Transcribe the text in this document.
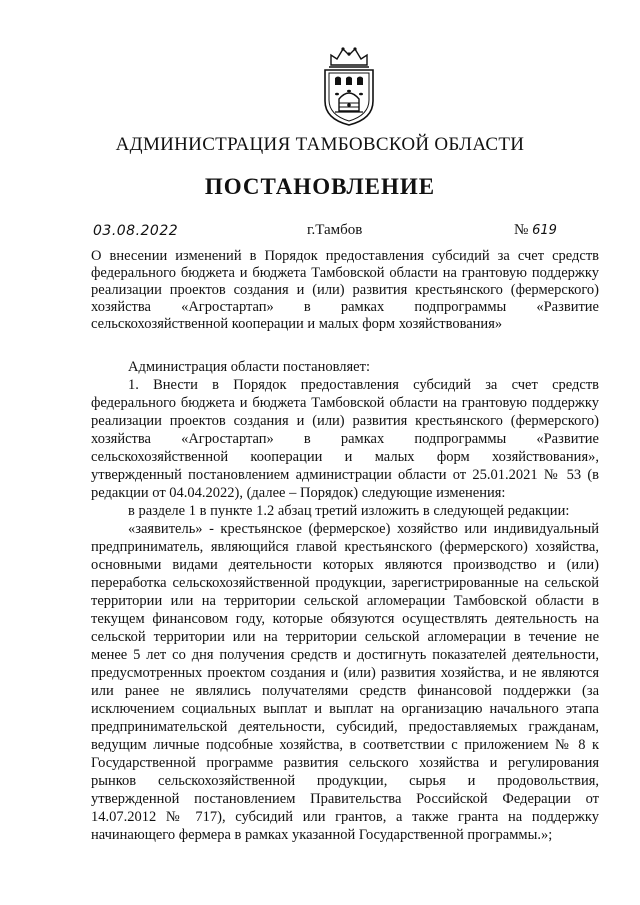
АДМИНИСТРАЦИЯ ТАМБОВСКОЙ ОБЛАСТИ
ПОСТАНОВЛЕНИЕ
03.08.2022	г.Тамбов	№ 619
О внесении изменений в Порядок предоставления субсидий за счет средств федерального бюджета и бюджета Тамбовской области на грантовую поддержку реализации проектов создания и (или) развития крестьянского (фермерского) хозяйства «Агростартап» в рамках подпрограммы «Развитие сельскохозяйственной кооперации и малых форм хозяйствования»

Администрация области постановляет:

1. Внести в Порядок предоставления субсидий за счет средств федерального бюджета и бюджета Тамбовской области на грантовую поддержку реализации проектов создания и (или) развития крестьянского (фермерского) хозяйства «Агростартап» в рамках подпрограммы «Развитие сельскохозяйственной кооперации и малых форм хозяйствования», утвержденный постановлением администрации области от 25.01.2021 № 53 (в редакции от 04.04.2022), (далее – Порядок) следующие изменения:

в разделе 1 в пункте 1.2 абзац третий изложить в следующей редакции:

«заявитель» - крестьянское (фермерское) хозяйство или индивидуальный предприниматель, являющийся главой крестьянского (фермерского) хозяйства, основными видами деятельности которых являются производство и (или) переработка сельскохозяйственной продукции, зарегистрированные на сельской территории или на территории сельской агломерации Тамбовской области в текущем финансовом году, которые обязуются осуществлять деятельность на сельской территории или на территории сельской агломерации в течение не менее 5 лет со дня получения средств и достигнуть показателей деятельности, предусмотренных проектом создания и (или) развития хозяйства, и не являются или ранее не являлись получателями средств финансовой поддержки (за исключением социальных выплат и выплат на организацию начального этапа предпринимательской деятельности, субсидий, предоставляемых гражданам, ведущим личные подсобные хозяйства, в соответствии с приложением № 8 к Государственной программе развития сельского хозяйства и регулирования рынков сельскохозяйственной продукции, сырья и продовольствия, утвержденной постановлением Правительства Российской Федерации от 14.07.2012 № 717), субсидий или грантов, а также гранта на поддержку начинающего фермера в рамках указанной Государственной программы.»;
